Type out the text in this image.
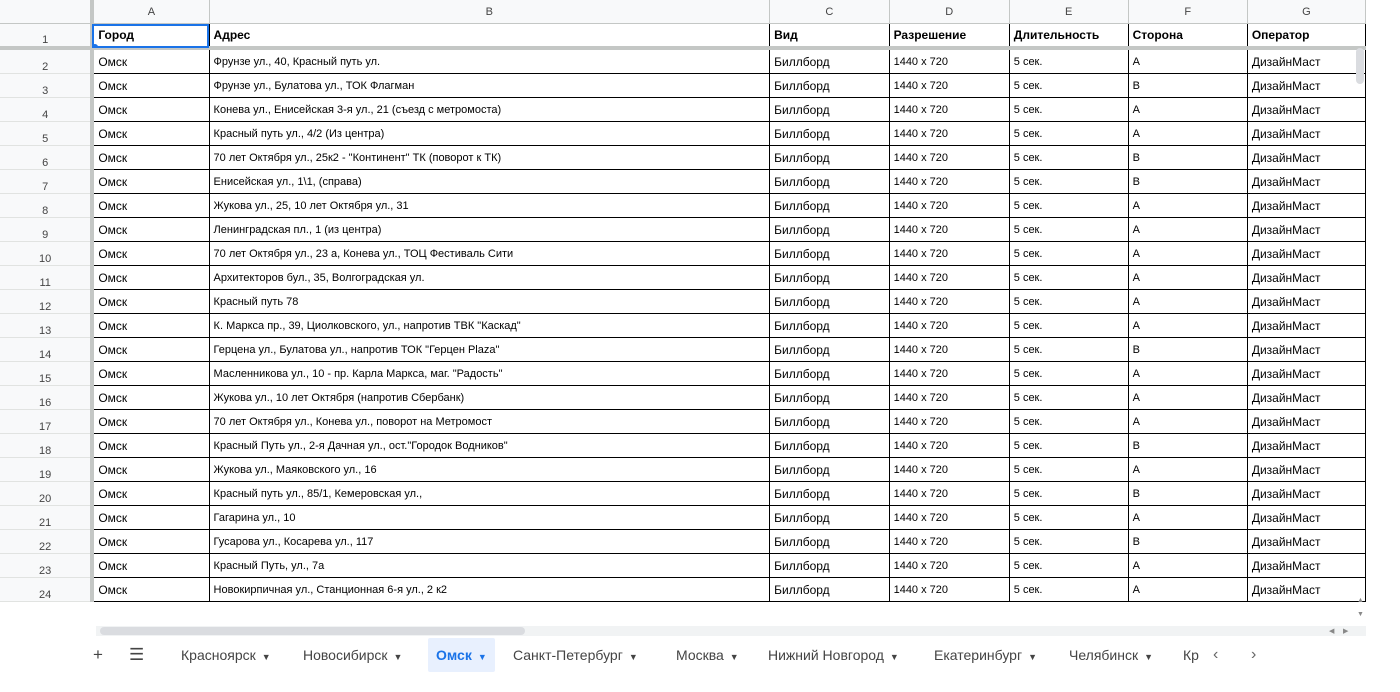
	A	B	C	D	E	F	G
1	Город	Адрес	Вид	Разрешение	Длительность	Сторона	Оператор
2	Омск	Фрунзе ул., 40, Красный путь ул.	Биллборд	1440 x 720	5 сек.	А	ДизайнМаст
3	Омск	Фрунзе ул., Булатова ул., ТОК Флагман	Биллборд	1440 x 720	5 сек.	В	ДизайнМаст
4	Омск	Конева ул., Енисейская 3-я ул., 21 (съезд с метромоста)	Биллборд	1440 x 720	5 сек.	А	ДизайнМаст
5	Омск	Красный путь ул., 4/2 (Из центра)	Биллборд	1440 x 720	5 сек.	А	ДизайнМаст
6	Омск	70 лет Октября ул., 25к2 - "Континент" ТК (поворот к ТК)	Биллборд	1440 x 720	5 сек.	В	ДизайнМаст
7	Омск	Енисейская ул., 1\1, (справа)	Биллборд	1440 x 720	5 сек.	В	ДизайнМаст
8	Омск	Жукова ул., 25, 10 лет Октября ул., 31	Биллборд	1440 x 720	5 сек.	А	ДизайнМаст
9	Омск	Ленинградская пл., 1 (из центра)	Биллборд	1440 x 720	5 сек.	А	ДизайнМаст
10	Омск	70 лет Октября ул., 23 а, Конева ул., ТОЦ Фестиваль Сити	Биллборд	1440 x 720	5 сек.	А	ДизайнМаст
11	Омск	Архитекторов бул., 35, Волгоградская ул.	Биллборд	1440 x 720	5 сек.	А	ДизайнМаст
12	Омск	Красный путь 78	Биллборд	1440 x 720	5 сек.	А	ДизайнМаст
13	Омск	К. Маркса пр., 39, Циолковского, ул., напротив ТВК "Каскад"	Биллборд	1440 x 720	5 сек.	А	ДизайнМаст
14	Омск	Герцена ул., Булатова ул., напротив ТОК "Герцен Plaza"	Биллборд	1440 x 720	5 сек.	В	ДизайнМаст
15	Омск	Масленникова ул., 10 - пр. Карла Маркса, маг. "Радость"	Биллборд	1440 x 720	5 сек.	А	ДизайнМаст
16	Омск	Жукова ул., 10 лет Октября (напротив Сбербанк)	Биллборд	1440 x 720	5 сек.	А	ДизайнМаст
17	Омск	70 лет Октября ул., Конева ул., поворот на Метромост	Биллборд	1440 x 720	5 сек.	А	ДизайнМаст
18	Омск	Красный Путь ул., 2-я Дачная ул., ост."Городок Водников"	Биллборд	1440 x 720	5 сек.	В	ДизайнМаст
19	Омск	Жукова ул., Маяковского ул., 16	Биллборд	1440 x 720	5 сек.	А	ДизайнМаст
20	Омск	Красный путь ул., 85/1, Кемеровская ул.,	Биллборд	1440 x 720	5 сек.	В	ДизайнМаст
21	Омск	Гагарина ул., 10	Биллборд	1440 x 720	5 сек.	А	ДизайнМаст
22	Омск	Гусарова ул., Косарева ул., 117	Биллборд	1440 x 720	5 сек.	В	ДизайнМаст
23	Омск	Красный Путь, ул., 7а	Биллборд	1440 x 720	5 сек.	А	ДизайнМаст
24	Омск	Новокирпичная ул., Станционная 6-я ул., 2 к2	Биллборд	1440 x 720	5 сек.	А	ДизайнМаст
▲
▼
◀ ▶
+ ☰	Красноярск ▼ Новосибирск ▼	Омск ▼	Санкт-Петербург ▼	Москва ▼ Нижний Новгород ▼	Екатеринбург ▼ Челябинск ▼ Кр ‹ ›
